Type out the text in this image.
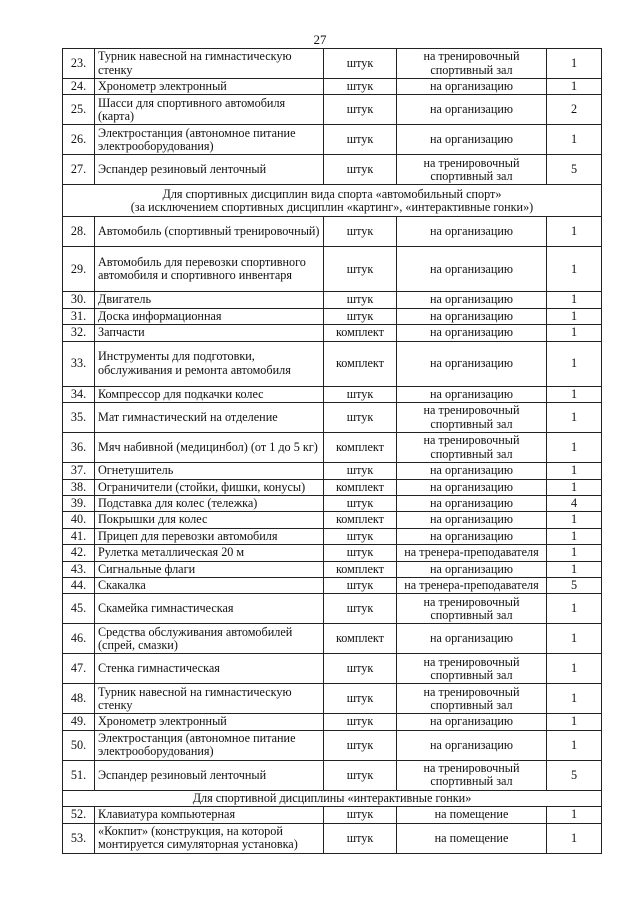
27
23.	Турник навесной на гимнастическую стенку	штук	на тренировочный спортивный зал	1
24.	Хронометр электронный	штук	на организацию	1
25.	Шасси для спортивного автомобиля (карта)	штук	на организацию	2
26.	Электростанция (автономное питание электрооборудования)	штук	на организацию	1
27.	Эспандер резиновый ленточный	штук	на тренировочный спортивный зал	5

Для спортивных дисциплин вида спорта «автомобильный спорт»
(за исключением спортивных дисциплин «картинг», «интерактивные гонки»)				

28.	Автомобиль (спортивный тренировочный)	штук	на организацию	1
29.	Автомобиль для перевозки спортивного автомобиля и спортивного инвентаря	штук	на организацию	1
30.	Двигатель	штук	на организацию	1
31.	Доска информационная	штук	на организацию	1
32.	Запчасти	комплект	на организацию	1
33.	Инструменты для подготовки, обслуживания и ремонта автомобиля	комплект	на организацию	1
34.	Компрессор для подкачки колес	штук	на организацию	1
35.	Мат гимнастический на отделение	штук	на тренировочный спортивный зал	1
36.	Мяч набивной (медицинбол) (от 1 до 5 кг)	комплект	на тренировочный спортивный зал	1
37.	Огнетушитель	штук	на организацию	1
38.	Ограничители (стойки, фишки, конусы)	комплект	на организацию	1
39.	Подставка для колес (тележка)	штук	на организацию	4
40.	Покрышки для колес	комплект	на организацию	1
41.	Прицеп для перевозки автомобиля	штук	на организацию	1
42.	Рулетка металлическая 20 м	штук	на тренера-преподавателя	1
43.	Сигнальные флаги	комплект	на организацию	1
44.	Скакалка	штук	на тренера-преподавателя	5
45.	Скамейка гимнастическая	штук	на тренировочный спортивный зал	1
46.	Средства обслуживания автомобилей (спрей, смазки)	комплект	на организацию	1
47.	Стенка гимнастическая	штук	на тренировочный спортивный зал	1
48.	Турник навесной на гимнастическую стенку	штук	на тренировочный спортивный зал	1
49.	Хронометр электронный	штук	на организацию	1
50.	Электростанция (автономное питание электрооборудования)	штук	на организацию	1
51.	Эспандер резиновый ленточный	штук	на тренировочный спортивный зал	5

Для спортивной дисциплины «интерактивные гонки»				

52.	Клавиатура компьютерная	штук	на помещение	1
53.	«Кокпит» (конструкция, на которой монтируется симуляторная установка)	штук	на помещение	1
